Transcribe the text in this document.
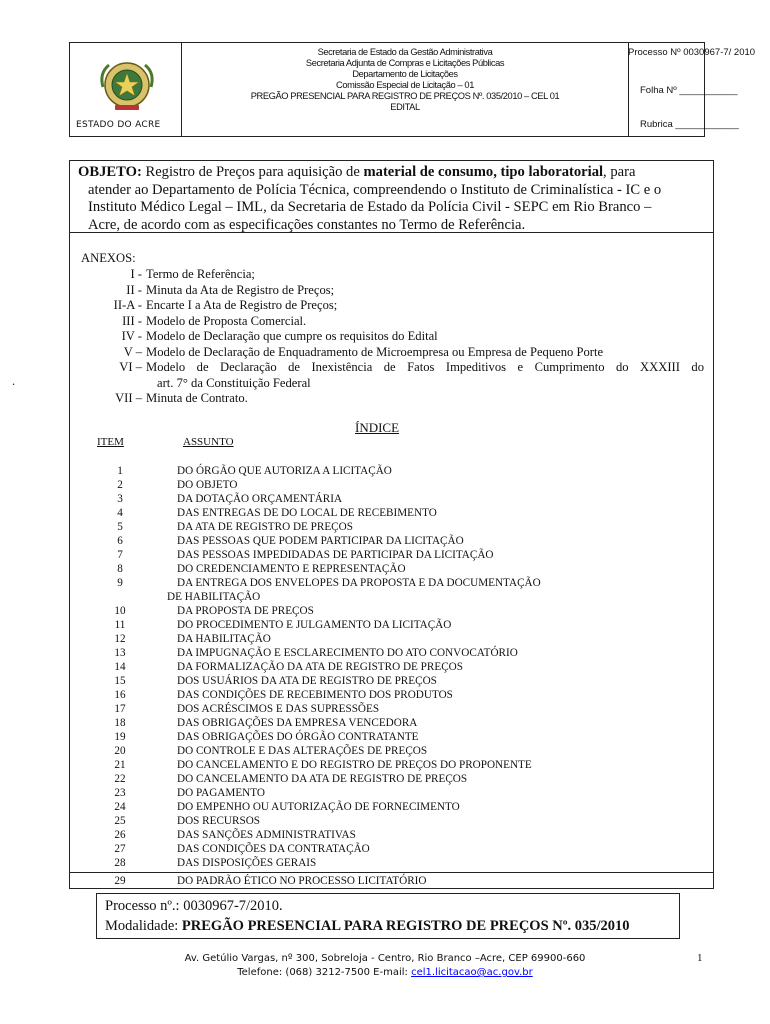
ESTADO DO ACRE
Secretaria de Estado da Gestão Administrativa
Secretaria Adjunta de Compras e Licitações Públicas
Departamento de Licitações
Comissão Especial de Licitação – 01
PREGÃO PRESENCIAL PARA REGISTRO DE PREÇOS Nº. 035/2010 – CEL 01
EDITAL
Processo Nº 0030967-7/ 2010
Folha Nº ___________
Rubrica ____________
OBJETO: Registro de Preços para aquisição de material de consumo, tipo laboratorial, para
atender ao Departamento de Polícia Técnica, compreendendo o Instituto de Criminalística - IC e o
Instituto Médico Legal – IML, da Secretaria de Estado da Polícia Civil - SEPC em Rio Branco –
Acre, de acordo com as especificações constantes no Termo de Referência.
ANEXOS:
I - Termo de Referência;
II - Minuta da Ata de Registro de Preços;
II-A - Encarte I a Ata de Registro de Preços;
III - Modelo de Proposta Comercial.
IV - Modelo de Declaração que cumpre os requisitos do Edital
V – Modelo de Declaração de Enquadramento de Microempresa ou Empresa de Pequeno Porte
VI – Modelo de Declaração de Inexistência de Fatos Impeditivos e Cumprimento do XXXIII do
art. 7° da Constituição Federal
VII – Minuta de Contrato.
.
ÍNDICE
ITEM	ASSUNTO
1	DO ÓRGÃO QUE AUTORIZA A LICITAÇÃO
2	DO OBJETO
3	DA DOTAÇÃO ORÇAMENTÁRIA
4	DAS ENTREGAS DE DO LOCAL DE RECEBIMENTO
5	DA ATA DE REGISTRO DE PREÇOS
6	DAS PESSOAS QUE PODEM PARTICIPAR DA LICITAÇÃO
7	DAS PESSOAS IMPEDIDADAS DE PARTICIPAR DA LICITAÇÃO
8	DO CREDENCIAMENTO E REPRESENTAÇÃO
9	DA ENTREGA DOS ENVELOPES DA PROPOSTA E DA DOCUMENTAÇÃO
DE HABILITAÇÃO
10	DA PROPOSTA DE PREÇOS
11	DO PROCEDIMENTO E JULGAMENTO DA LICITAÇÃO
12	DA HABILITAÇÃO
13	DA IMPUGNAÇÃO E ESCLARECIMENTO DO ATO CONVOCATÓRIO
14	DA FORMALIZAÇÃO DA ATA DE REGISTRO DE PREÇOS
15	DOS USUÁRIOS DA ATA DE REGISTRO DE PREÇOS
16	DAS CONDIÇÕES DE RECEBIMENTO DOS PRODUTOS
17	DOS ACRÉSCIMOS E DAS SUPRESSÕES
18	DAS OBRIGAÇÕES DA EMPRESA VENCEDORA
19	DAS OBRIGAÇÕES DO ÓRGÃO CONTRATANTE
20	DO CONTROLE E DAS ALTERAÇÕES DE PREÇOS
21	DO CANCELAMENTO E DO REGISTRO DE PREÇOS DO PROPONENTE
22	DO CANCELAMENTO DA ATA DE REGISTRO DE PREÇOS
23	DO PAGAMENTO
24	DO EMPENHO OU AUTORIZAÇÃO DE FORNECIMENTO
25	DOS RECURSOS
26	DAS SANÇÕES ADMINISTRATIVAS
27	DAS CONDIÇÕES DA CONTRATAÇÃO
28	DAS DISPOSIÇÕES GERAIS
29	DO PADRÃO ÉTICO NO PROCESSO LICITATÓRIO
Processo nº.: 0030967-7/2010.
Modalidade: PREGÃO PRESENCIAL PARA REGISTRO DE PREÇOS Nº. 035/2010
Av. Getúlio Vargas, nº 300, Sobreloja - Centro, Rio Branco –Acre, CEP 69900-660
Telefone: (068) 3212-7500 E-mail: cel1.licitacao@ac.gov.br
1
